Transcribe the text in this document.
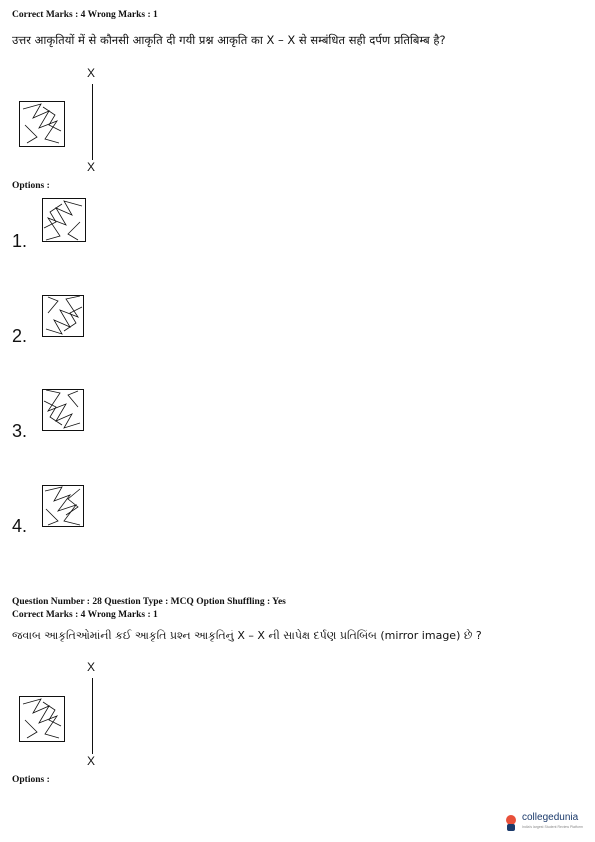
Correct Marks : 4 Wrong Marks : 1
उत्तर आकृतियों में से कौनसी आकृति दी गयी प्रश्न आकृति का X – X से सम्बंधित सही दर्पण प्रतिबिम्ब है?
X
X
Options :
1.
2.
3.
4.
Question Number : 28 Question Type : MCQ Option Shuffling : Yes
Correct Marks : 4 Wrong Marks : 1
જવાબ આકૃતિઓમાંની કઈ આકૃતિ પ્રશ્ન આકૃતિનું X – X ની સાપેક્ષ દર્પણ પ્રતિબિંબ (mirror image) છે ?
X
X
Options :
collegedunia
India's largest Student Review Platform
